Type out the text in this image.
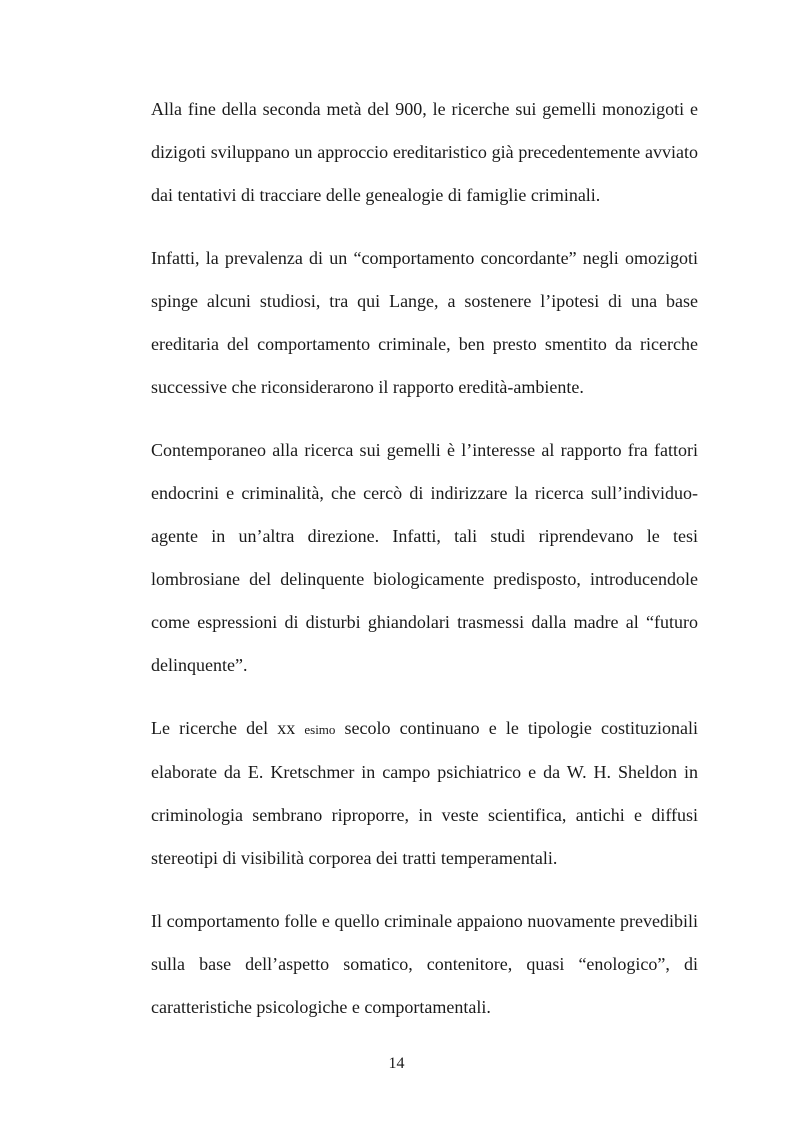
Alla fine della seconda metà del 900, le ricerche sui gemelli monozigoti e dizigoti sviluppano un approccio ereditaristico già precedentemente avviato dai tentativi di tracciare delle genealogie di famiglie criminali.

Infatti, la prevalenza di un “comportamento concordante” negli omozigoti spinge alcuni studiosi, tra qui Lange, a sostenere l’ipotesi di una base ereditaria del comportamento criminale, ben presto smentito da ricerche successive che riconsiderarono il rapporto eredità-ambiente.

Contemporaneo alla ricerca sui gemelli è l’interesse al rapporto fra fattori endocrini e criminalità, che cercò di indirizzare la ricerca sull’individuo-agente in un’altra direzione. Infatti, tali studi riprendevano le tesi lombrosiane del delinquente biologicamente predisposto, introducendole come espressioni di disturbi ghiandolari trasmessi dalla madre al “futuro delinquente”.

Le ricerche del xx esimo secolo continuano e le tipologie costituzionali elaborate da E. Kretschmer in campo psichiatrico e da W. H. Sheldon in criminologia sembrano riproporre, in veste scientifica, antichi e diffusi stereotipi di visibilità corporea dei tratti temperamentali.

Il comportamento folle e quello criminale appaiono nuovamente prevedibili sulla base dell’aspetto somatico, contenitore, quasi “enologico”, di caratteristiche psicologiche e comportamentali.

14
